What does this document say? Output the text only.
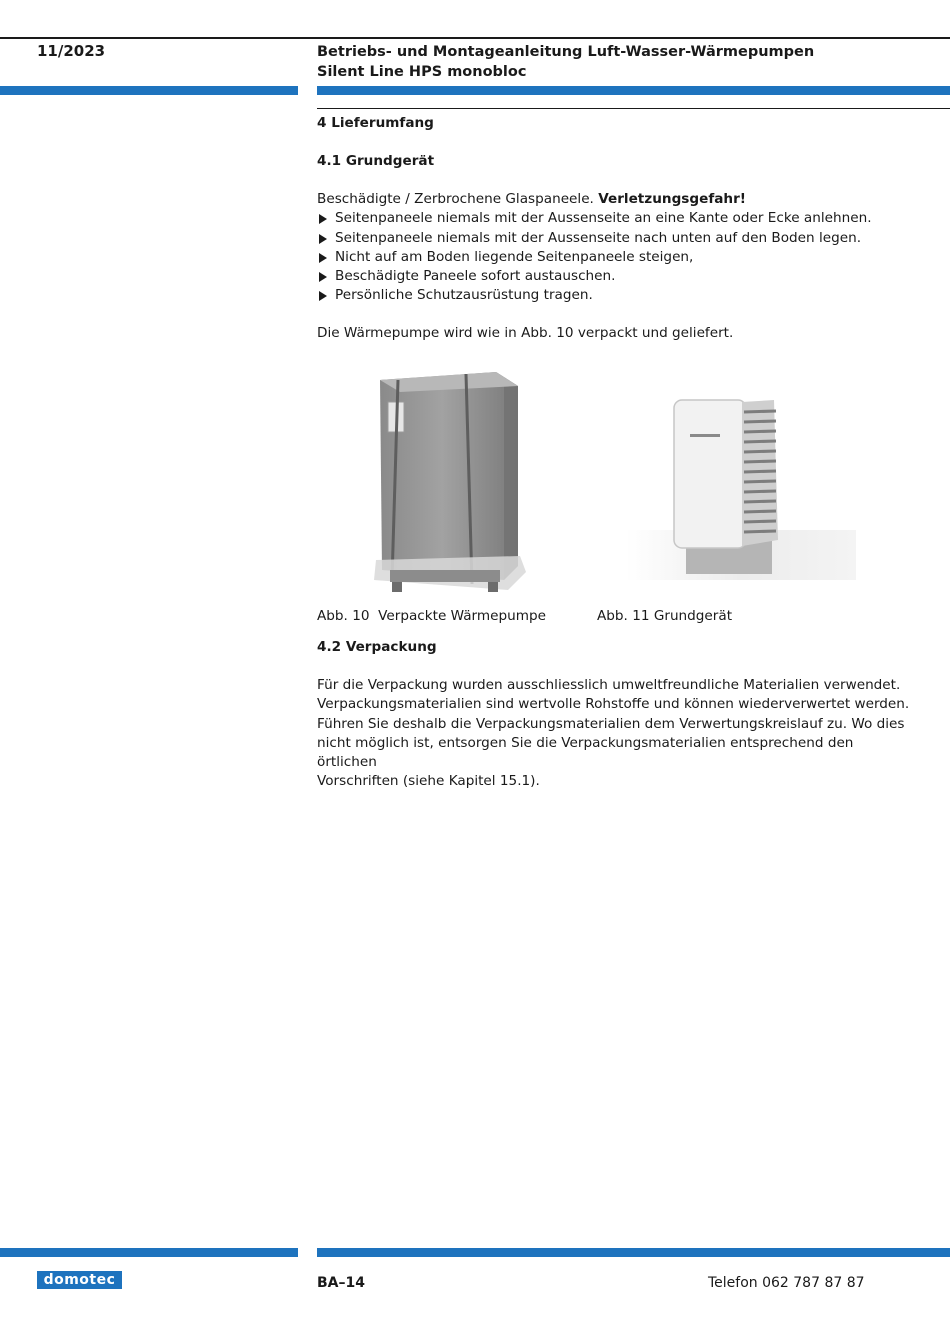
11/2023	Betriebs- und Montageanleitung Luft-Wasser-Wärmepumpen
Silent Line HPS monobloc
4 Lieferumfang
4.1 Grundgerät
Beschädigte / Zerbrochene Glaspaneele. Verletzungsgefahr!
Seitenpaneele niemals mit der Aussenseite an eine Kante oder Ecke anlehnen.
Seitenpaneele niemals mit der Aussenseite nach unten auf den Boden legen.
Nicht auf am Boden liegende Seitenpaneele steigen,
Beschädigte Paneele sofort austauschen.
Persönliche Schutzausrüstung tragen.
Die Wärmepumpe wird wie in Abb. 10 verpackt und geliefert.
Abb. 10  Verpackte Wärmepumpe	Abb. 11 Grundgerät
4.2 Verpackung
Für die Verpackung wurden ausschliesslich umweltfreundliche Materialien verwendet.
Verpackungsmaterialien sind wertvolle Rohstoffe und können wiederverwertet werden.
Führen Sie deshalb die Verpackungsmaterialien dem Verwertungskreislauf zu. Wo dies
nicht möglich ist, entsorgen Sie die Verpackungsmaterialien entsprechend den örtlichen
Vorschriften (siehe Kapitel 15.1).
domotec	BA–14	Telefon 062 787 87 87
